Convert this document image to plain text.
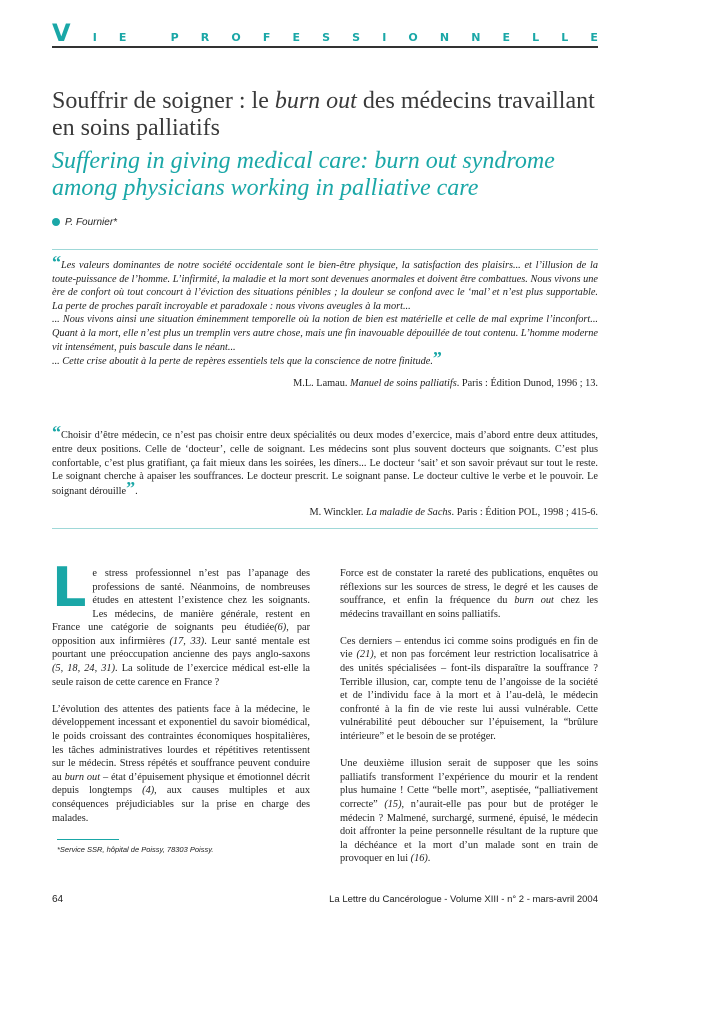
V I E	P R O F E S S I O N N E L L E
Souffrir de soigner : le burn out des médecins travaillant en soins palliatifs
Suffering in giving medical care: burn out syndrome among physicians working in palliative care
P. Fournier*
“Les valeurs dominantes de notre société occidentale sont le bien-être physique, la satisfaction des plaisirs... et l’illusion de la toute-puissance de l’homme. L’infirmité, la maladie et la mort sont devenues anormales et doivent être combattues. Nous vivons une ère de confort où tout concourt à l’éviction des situations pénibles ; la douleur se confond avec le ‘mal’ et n’est plus supportable. La perte de proches paraît incroyable et paradoxale : nous vivons aveugles à la mort...
... Nous vivons ainsi une situation éminemment temporelle où la notion de bien est matérielle et celle de mal exprime l’inconfort... Quant à la mort, elle n’est plus un tremplin vers autre chose, mais une fin inavouable dépouillée de tout contenu. L’homme moderne vit intensément, puis bascule dans le néant...
... Cette crise aboutit à la perte de repères essentiels tels que la conscience de notre finitude.”
M.L. Lamau. Manuel de soins palliatifs. Paris : Édition Dunod, 1996 ; 13.
“Choisir d’être médecin, ce n’est pas choisir entre deux spécialités ou deux modes d’exercice, mais d’abord entre deux attitudes, entre deux positions. Celle de ‘docteur’, celle de soignant. Les médecins sont plus souvent docteurs que soignants. C’est plus confortable, c’est plus gratifiant, ça fait mieux dans les soirées, les dîners... Le docteur ‘sait’ et son savoir prévaut sur tout le reste. Le soignant cherche à apaiser les souffrances. Le docteur prescrit. Le soignant panse. Le docteur cultive le verbe et le pouvoir. Le soignant dérouille”.
M. Winckler. La maladie de Sachs. Paris : Édition POL, 1998 ; 415-6.
L e stress professionnel n’est pas l’apanage des professions de santé. Néanmoins, de nombreuses études en attestent l’existence chez les soignants. Les médecins, de manière générale, restent en France une catégorie de soignants peu étudiée(6), par opposition aux infirmières (17, 33). Leur santé mentale est pourtant une préoccupation ancienne des pays anglo-saxons (5, 18, 24, 31). La solitude de l’exercice médical est-elle la seule raison de cette carence en France ?

L’évolution des attentes des patients face à la médecine, le développement incessant et exponentiel du savoir biomédical, le poids croissant des contraintes économiques hospitalières, les tâches administratives lourdes et répétitives retentissent sur le médecin. Stress répétés et souffrance peuvent conduire au burn out – état d’épuisement physique et émotionnel décrit depuis longtemps (4), aux causes multiples et aux conséquences préjudiciables sur la prise en charge des malades.

*Service SSR, hôpital de Poissy, 78303 Poissy.

Force est de constater la rareté des publications, enquêtes ou réflexions sur les sources de stress, le degré et les causes de souffrance, et enfin la fréquence du burn out chez les médecins travaillant en soins palliatifs.

Ces derniers – entendus ici comme soins prodigués en fin de vie (21), et non pas forcément leur restriction localisatrice à des unités spécialisées – font-ils disparaître la souffrance ? Terrible illusion, car, compte tenu de l’angoisse de la société et de l’individu face à la mort et à l’au-delà, le médecin confronté à la fin de vie reste lui aussi vulnérable. Cette vulnérabilité peut déboucher sur l’épuisement, la “brûlure intérieure” et le besoin de se protéger.

Une deuxième illusion serait de supposer que les soins palliatifs transforment l’expérience du mourir et la rendent plus humaine ! Cette “belle mort”, aseptisée, “palliativement correcte” (15), n’aurait-elle pas pour but de protéger le médecin ? Malmené, surchargé, surmené, épuisé, le médecin doit affronter la peine personnelle résultant de la rupture que la déchéance et la mort d’un malade sont en train de provoquer en lui (16).

64	La Lettre du Cancérologue - Volume XIII - n° 2 - mars-avril 2004
